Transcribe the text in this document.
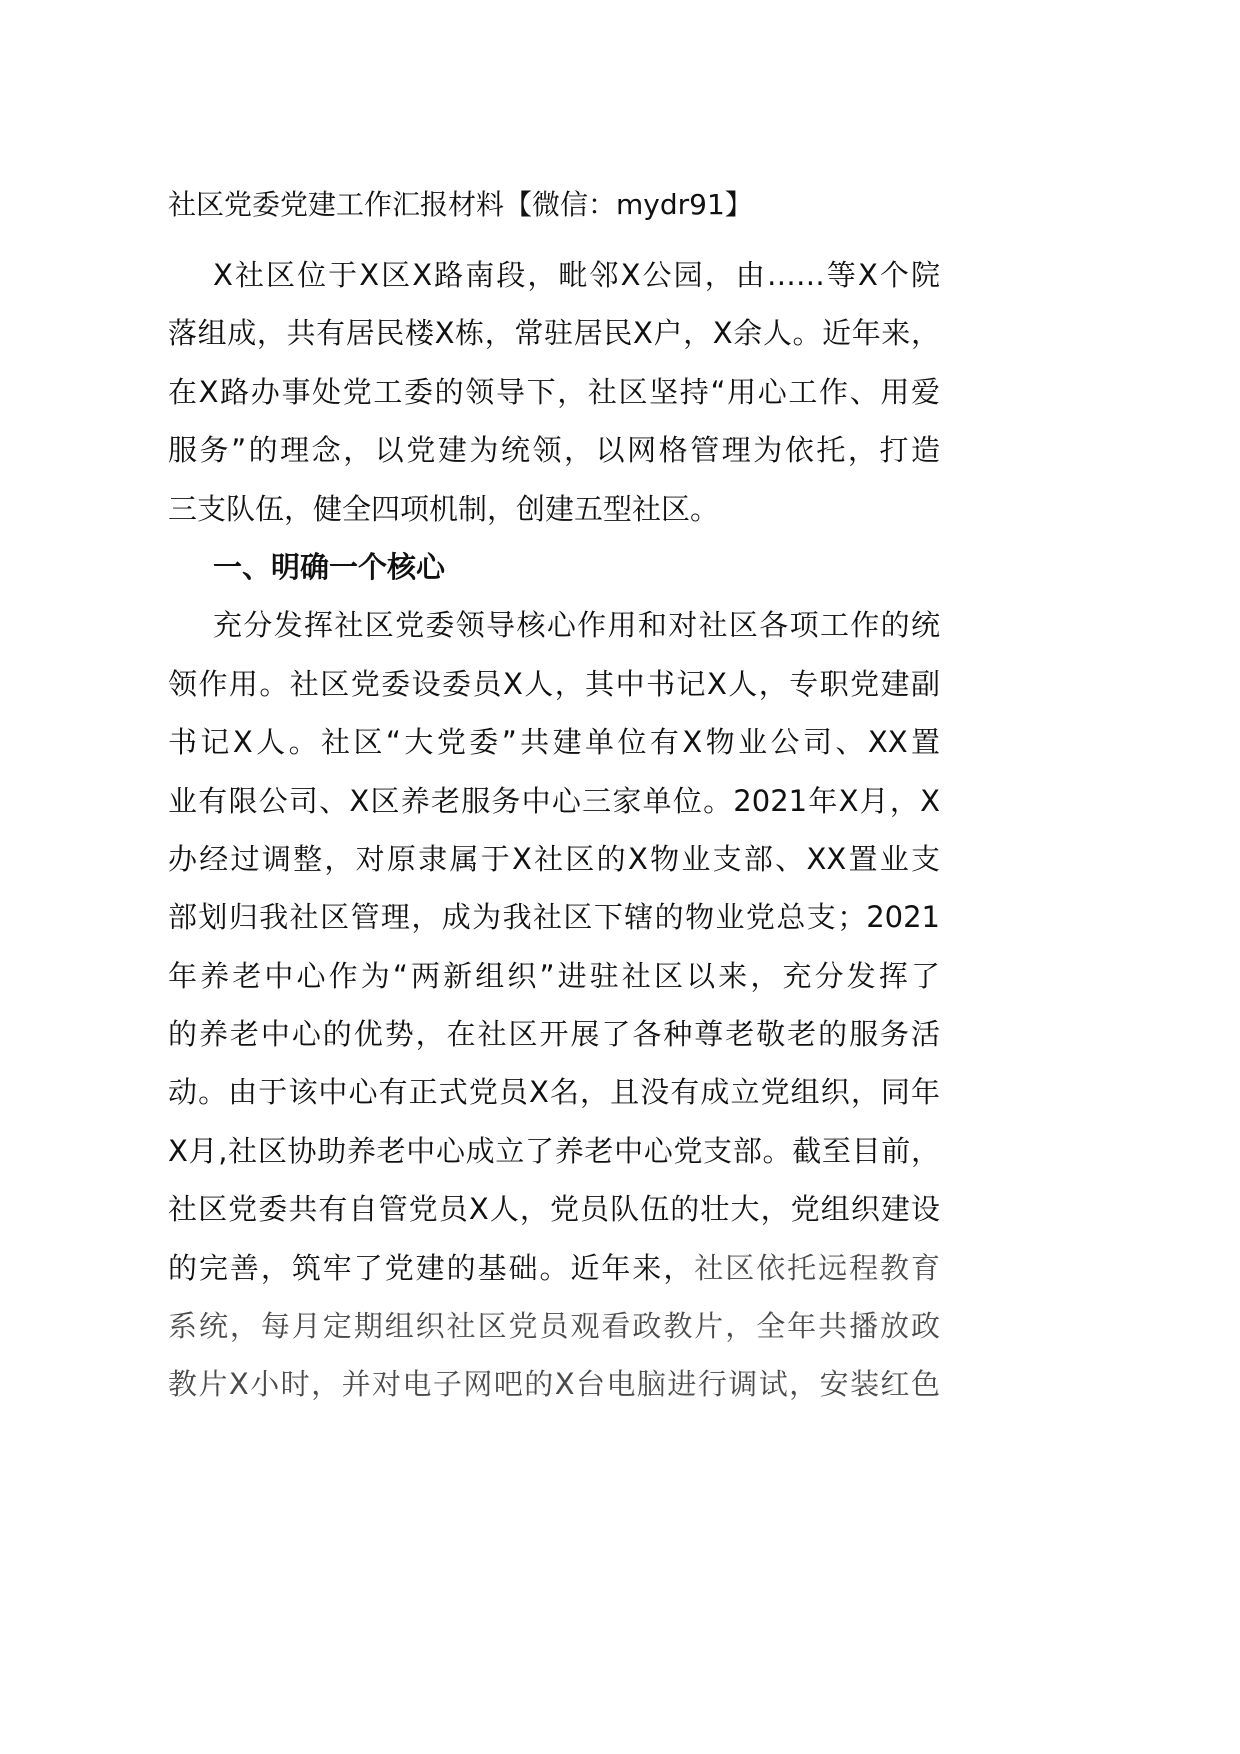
社区党委党建工作汇报材料【微信：mydr91】
X社区位于X区X路南段，毗邻X公园，由……等X个院
落组成，共有居民楼X栋，常驻居民X户，X余人。近年来，
在X路办事处党工委的领导下，社区坚持“用心工作、用爱
服务”的理念，以党建为统领，以网格管理为依托，打造
三支队伍，健全四项机制，创建五型社区。
一、明确一个核心
充分发挥社区党委领导核心作用和对社区各项工作的统
领作用。社区党委设委员X人，其中书记X人，专职党建副
书记X人。社区“大党委”共建单位有X物业公司、XX置
业有限公司、X区养老服务中心三家单位。2021年X月，X
办经过调整，对原隶属于X社区的X物业支部、XX置业支
部划归我社区管理，成为我社区下辖的物业党总支；2021
年养老中心作为“两新组织”进驻社区以来，充分发挥了
的养老中心的优势，在社区开展了各种尊老敬老的服务活
动。由于该中心有正式党员X名，且没有成立党组织，同年
X月,社区协助养老中心成立了养老中心党支部。截至目前，
社区党委共有自管党员X人，党员队伍的壮大，党组织建设
的完善，筑牢了党建的基础。近年来，社区依托远程教育
系统，每月定期组织社区党员观看政教片，全年共播放政
教片X小时，并对电子网吧的X台电脑进行调试，安装红色
